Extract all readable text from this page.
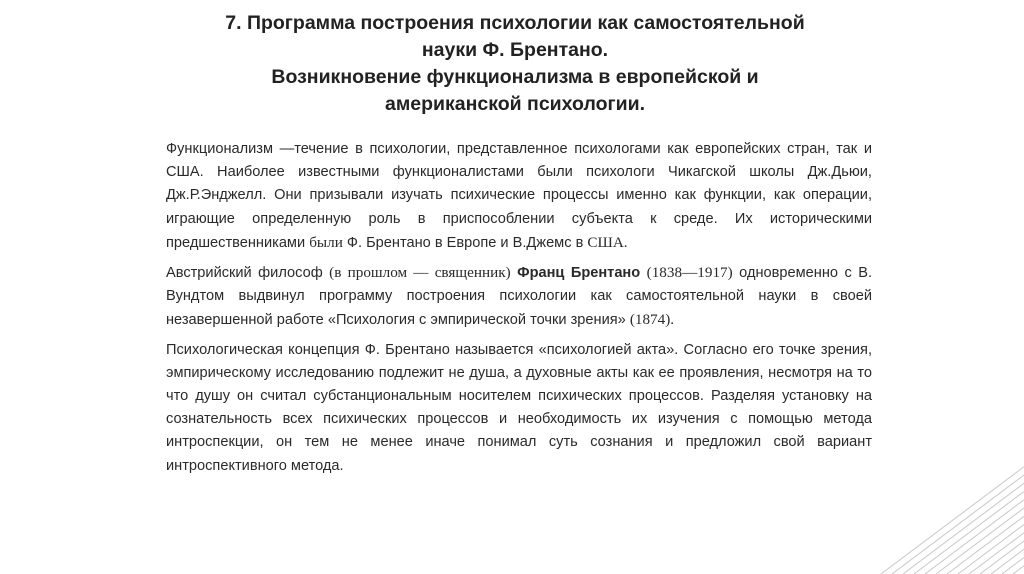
7. Программа построения психологии как самостоятельной
науки Ф. Брентано.
Возникновение функционализма в европейской и
американской психологии.

Функционализм —течение в психологии, представленное психологами как европейских стран, так и США. Наиболее известными функционалистами были психологи Чикагской школы Дж.Дьюи, Дж.Р.Энджелл. Они призывали изучать психические процессы именно как функции, как операции, играющие определенную роль в приспособлении субъекта к среде. Их историческими предшественниками были Ф. Брентано в Европе и В.Джемс в США.

Австрийский философ (в прошлом — священник) Франц Брентано (1838—1917) одновременно с В. Вундтом выдвинул программу построения психологии как самостоятельной науки в своей незавершенной работе «Психология с эмпирической точки зрения» (1874).

Психологическая концепция Ф. Брентано называется «психологией акта». Согласно его точке зрения, эмпирическому исследованию подлежит не душа, а духовные акты как ее проявления, несмотря на то что душу он считал субстанциональным носителем психических процессов. Разделяя установку на сознательность всех психических процессов и необходимость их изучения с помощью метода интроспекции, он тем не менее иначе понимал суть сознания и предложил свой вариант интроспективного метода.
